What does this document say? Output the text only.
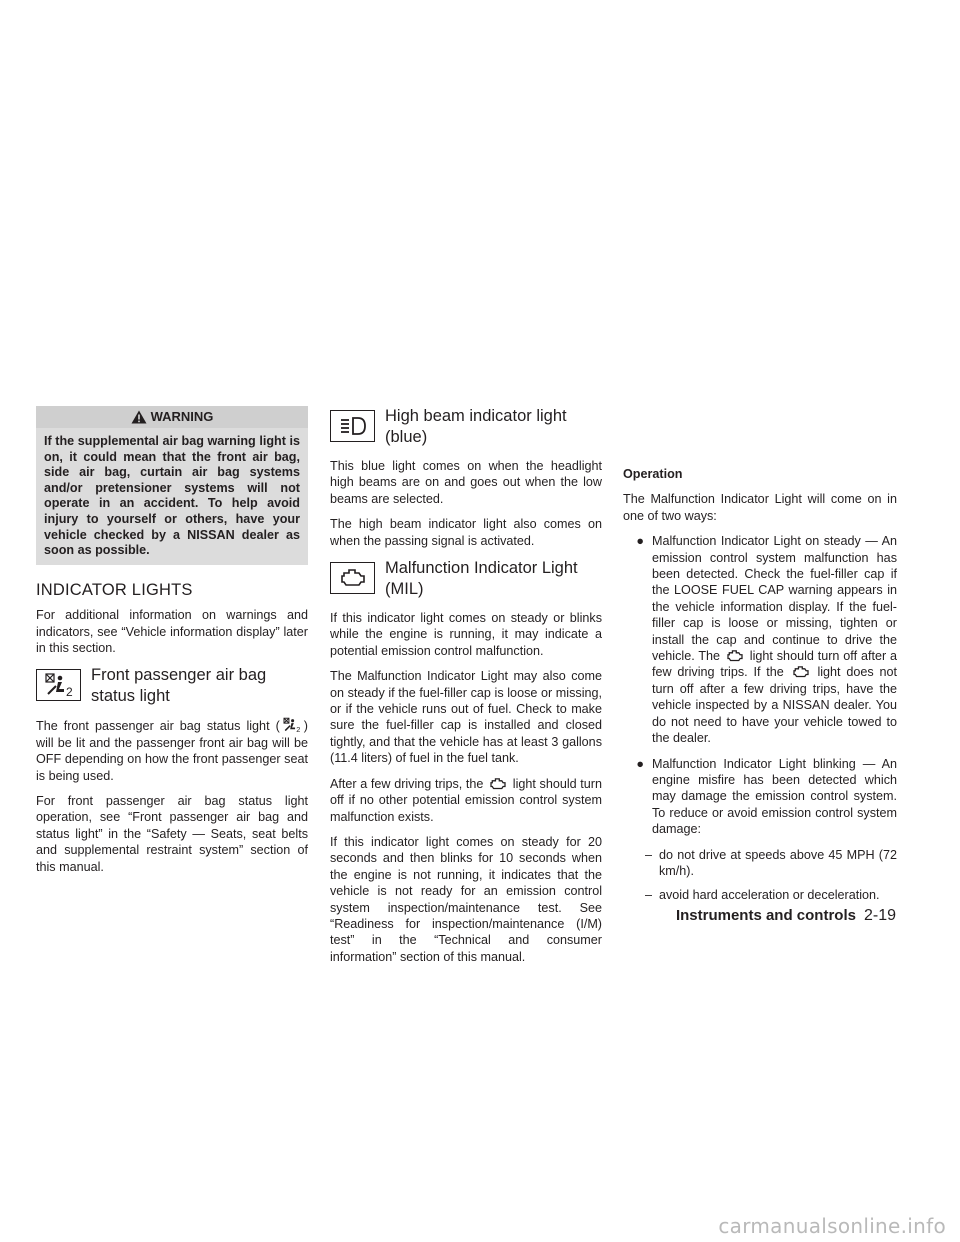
WARNING
If the supplemental air bag warning light is on, it could mean that the front air bag, side air bag, curtain air bag systems and/or pretensioner systems will not operate in an accident. To help avoid injury to yourself or others, have your vehicle checked by a NISSAN dealer as soon as possible.
INDICATOR LIGHTS

For additional information on warnings and indicators, see “Vehicle information display” later in this section.

2
Front passenger air bag status light

The front passenger air bag status light ( 2 ) will be lit and the passenger front air bag will be OFF depending on how the front passenger seat is being used.

For front passenger air bag status light operation, see “Front passenger air bag and status light” in the “Safety — Seats, seat belts and supplemental restraint system” section of this manual.

High beam indicator light (blue)

This blue light comes on when the headlight high beams are on and goes out when the low beams are selected.

The high beam indicator light also comes on when the passing signal is activated.

Malfunction Indicator Light (MIL)

If this indicator light comes on steady or blinks while the engine is running, it may indicate a potential emission control malfunction.

The Malfunction Indicator Light may also come on steady if the fuel-filler cap is loose or missing, or if the vehicle runs out of fuel. Check to make sure the fuel-filler cap is installed and closed tightly, and that the vehicle has at least 3 gallons (11.4 liters) of fuel in the fuel tank.

After a few driving trips, the light should turn off if no other potential emission control system malfunction exists.

If this indicator light comes on steady for 20 seconds and then blinks for 10 seconds when the engine is not running, it indicates that the vehicle is not ready for an emission control system inspection/maintenance test. See “Readiness for inspection/maintenance (I/M) test” in the “Technical and consumer information” section of this manual.

Operation

The Malfunction Indicator Light will come on in one of two ways:

● Malfunction Indicator Light on steady — An emission control system malfunction has been detected. Check the fuel-filler cap if the LOOSE FUEL CAP warning appears in the vehicle information display. If the fuel-filler cap is loose or missing, tighten or install the cap and continue to drive the vehicle. The light should turn off after a few driving trips. If the	light does not turn off after a few driving trips, have the vehicle inspected by a NISSAN dealer. You do not need to have your vehicle towed to the dealer.
● Malfunction Indicator Light blinking — An engine misfire has been detected which may damage the emission control system. To reduce or avoid emission control system damage:
– do not drive at speeds above 45 MPH (72 km/h).
– avoid hard acceleration or deceleration.
Instruments and controls 2-19
carmanualsonline.info
